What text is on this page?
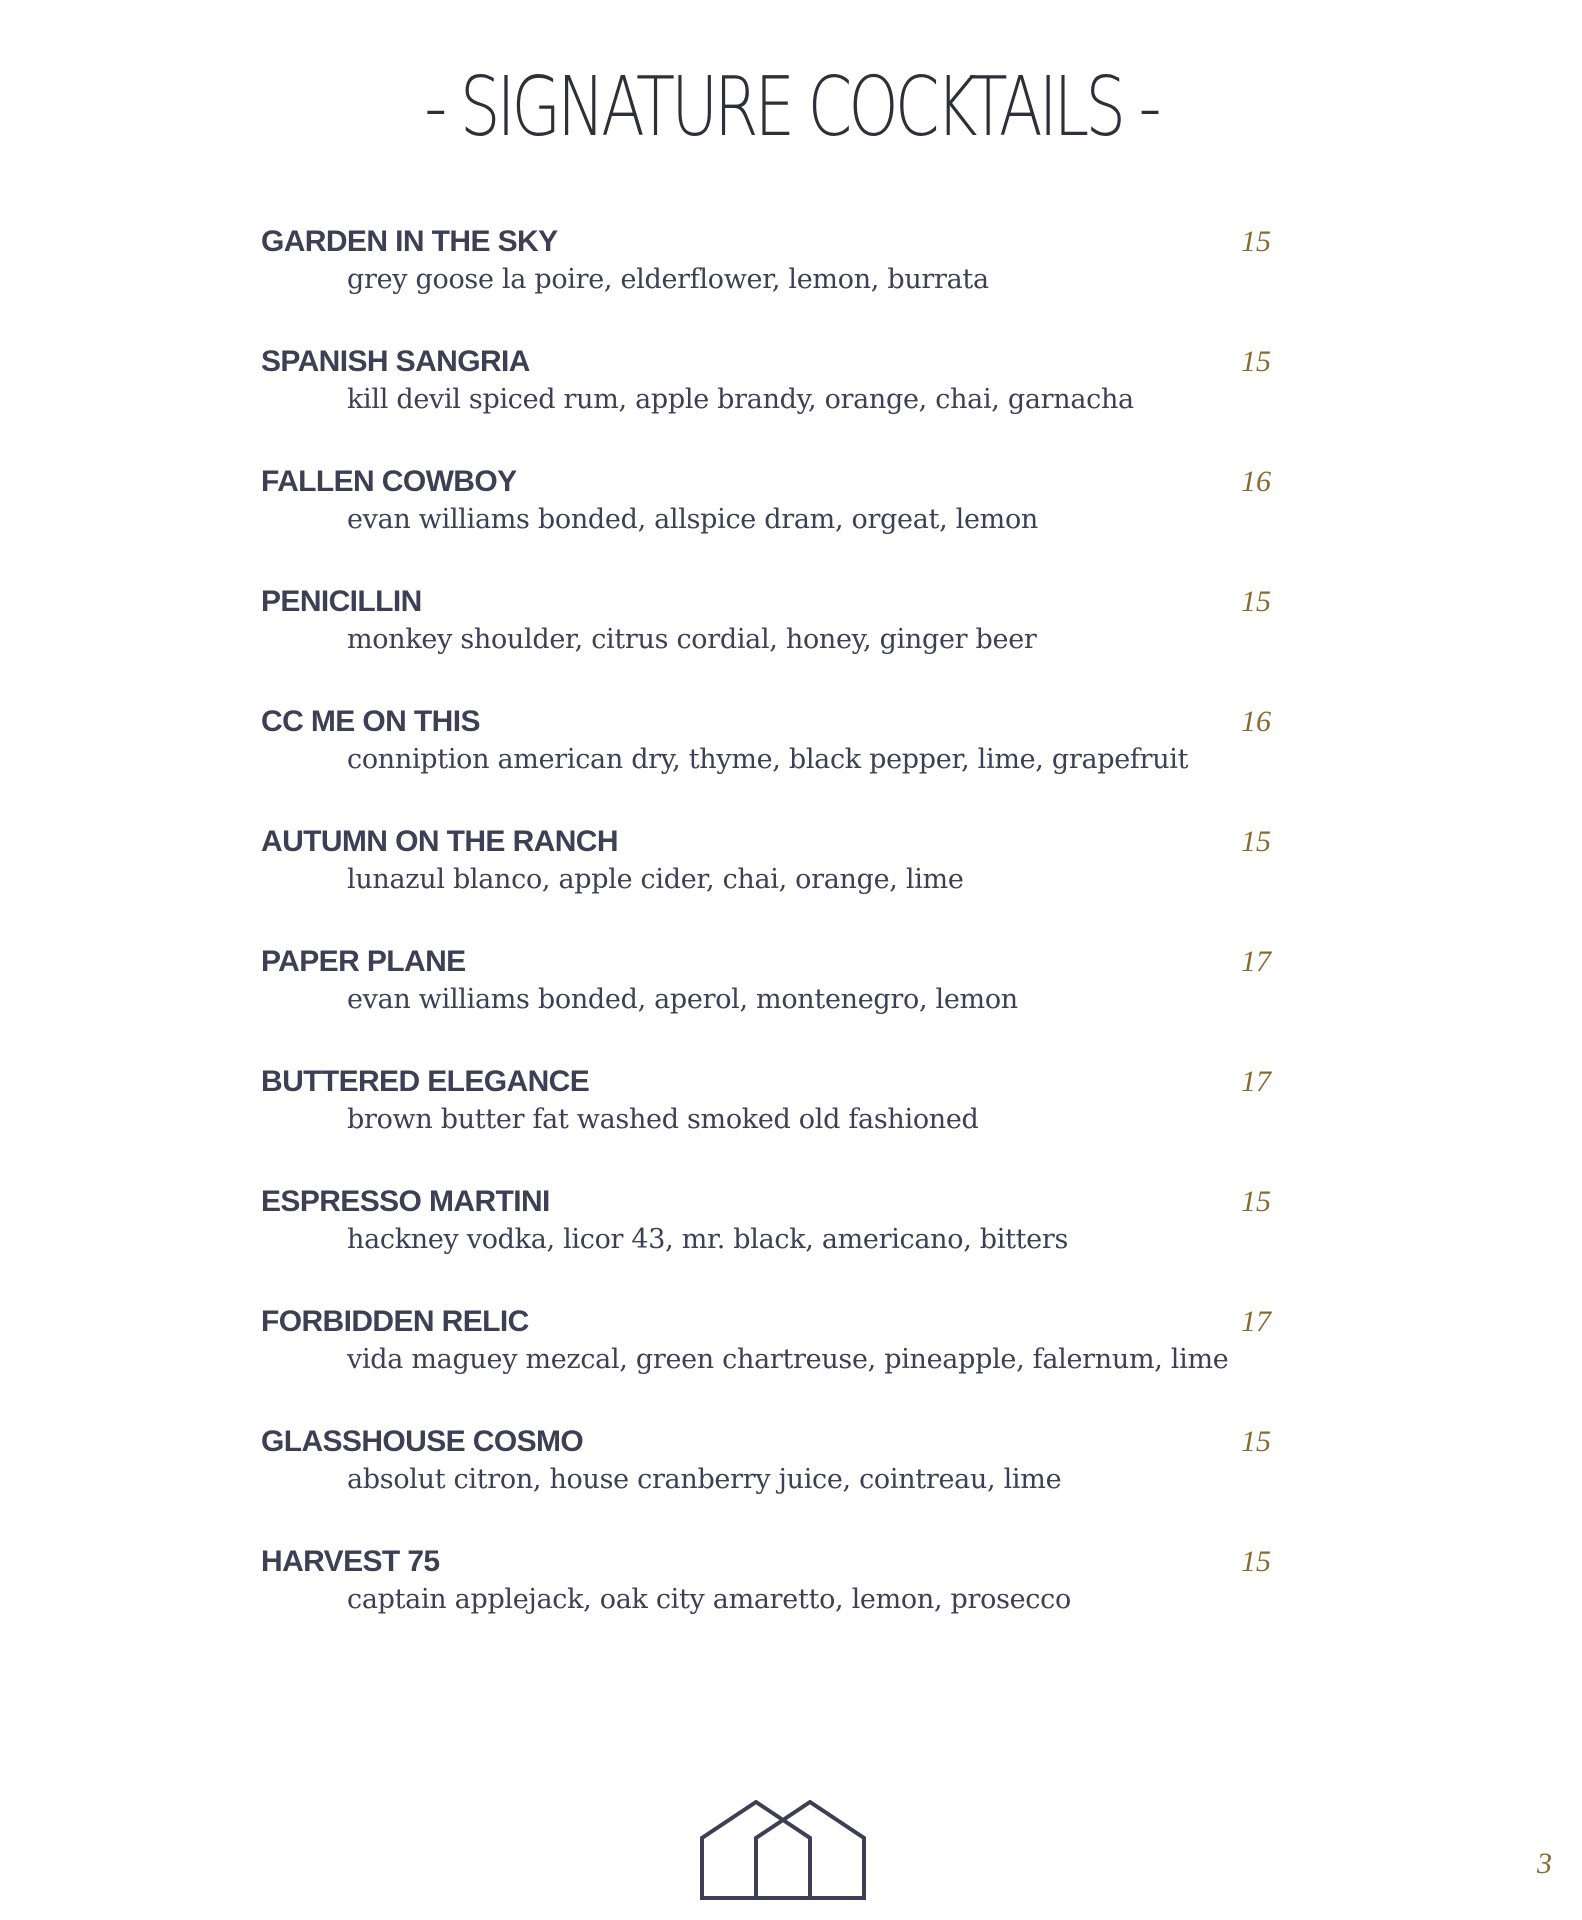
- SIGNATURE COCKTAILS -
GARDEN IN THE SKY	15
grey goose la poire, elderflower, lemon, burrata
SPANISH SANGRIA	15
kill devil spiced rum, apple brandy, orange, chai, garnacha
FALLEN COWBOY	16
evan williams bonded, allspice dram, orgeat, lemon
PENICILLIN	15
monkey shoulder, citrus cordial, honey, ginger beer
CC ME ON THIS	16
conniption american dry, thyme, black pepper, lime, grapefruit
AUTUMN ON THE RANCH	15
lunazul blanco, apple cider, chai, orange, lime
PAPER PLANE	17
evan williams bonded, aperol, montenegro, lemon
BUTTERED ELEGANCE	17
brown butter fat washed smoked old fashioned
ESPRESSO MARTINI	15
hackney vodka, licor 43, mr. black, americano, bitters
FORBIDDEN RELIC	17
vida maguey mezcal, green chartreuse, pineapple, falernum, lime
GLASSHOUSE COSMO	15
absolut citron, house cranberry juice, cointreau, lime
HARVEST 75	15
captain applejack, oak city amaretto, lemon, prosecco
3
